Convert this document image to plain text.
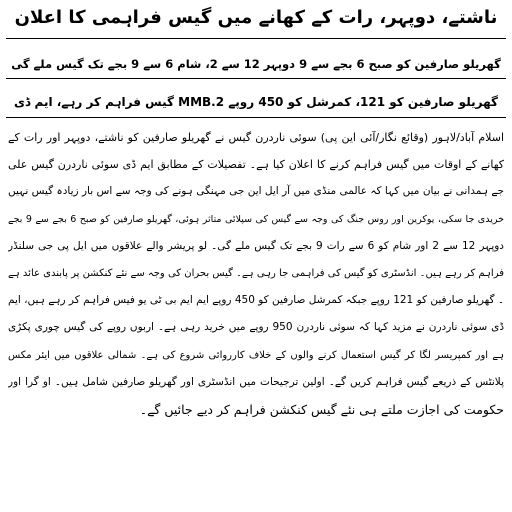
ناشتے، دوپہر، رات کے کھانے میں گیس فراہمی کا اعلان
گھریلو صارفین کو صبح 6 بجے سے 9 دوپہر 12 سے 2، شام 6 سے 9 بجے تک گیس ملے گی
گھریلو صارفین کو 121، کمرشل کو 450 روپے MMB.2 گیس فراہم کر رہے، ایم ڈی
اسلام آباد/لاہور (وقائع نگار/آئی این پی) سوئی ناردرن گیس نے گھریلو صارفین کو ناشتے، دوپہر اور رات کے
کھانے کے اوقات میں گیس فراہم کرنے کا اعلان کیا ہے۔ تفصیلات کے مطابق ایم ڈی سوئی ناردرن گیس علی
جے ہمدانی نے بیان میں کہا کہ عالمی منڈی میں آر ایل این جی مہنگی ہونے کی وجہ سے اس بار زیادہ گیس نہیں
خریدی جا سکی، یوکرین اور روس جنگ کی وجہ سے گیس کی سپلائی متاثر ہوئی، گھریلو صارفین کو صبح 6 بجے سے 9 بجے
دوپہر 12 سے 2 اور شام کو 6 سے رات 9 بجے تک گیس ملے گی۔ لو پریشر والے علاقوں میں ایل پی جی سلنڈر
فراہم کر رہے ہیں۔ انڈسٹری کو گیس کی فراہمی جا رہی ہے۔ گیس بحران کی وجہ سے نئے کنکشن پر پابندی عائد ہے
۔ گھریلو صارفین کو 121 روپے جبکہ کمرشل صارفین کو 450 روپے ایم ایم بی ٹی یو فیس فراہم کر رہے ہیں، ایم
ڈی سوئی ناردرن نے مزید کہا کہ سوئی ناردرن 950 روپے میں خرید رہی ہے۔ اربوں روپے کی گیس چوری پکڑی
ہے اور کمپریسر لگا کر گیس استعمال کرنے والوں کے خلاف کارروائی شروع کی ہے۔ شمالی علاقوں میں ایئر مکس
پلانٹس کے ذریعے گیس فراہم کریں گے۔ اولین ترجیحات میں انڈسٹری اور گھریلو صارفین شامل ہیں۔ او گرا اور
حکومت کی اجازت ملتے ہی نئے گیس کنکشن فراہم کر دیے جائیں گے۔
